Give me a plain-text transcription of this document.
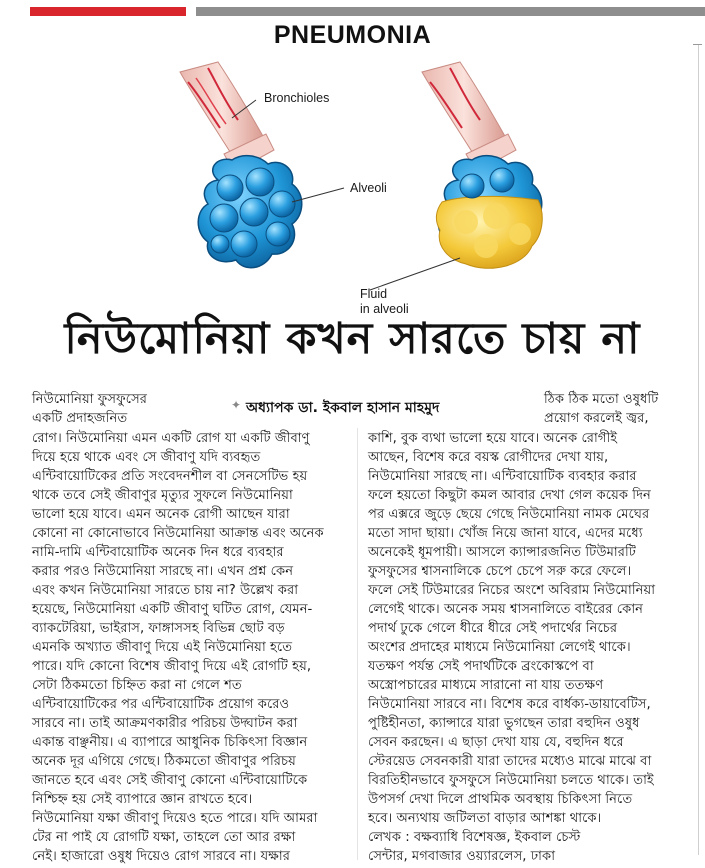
PNEUMONIA
Bronchioles
Alveoli
Fluid
in alveoli
নিউমোনিয়া কখন সারতে চায় না
নিউমোনিয়া ফুসফুসের
একটি প্রদাহজনিত
✦ অধ্যাপক ডা. ইকবাল হাসান মাহমুদ
ঠিক ঠিক মতো ওষুধটি
প্রয়োগ করলেই জ্বর,
রোগ। নিউমোনিয়া এমন একটি রোগ যা একটি জীবাণু
দিয়ে হয়ে থাকে এবং সে জীবাণু যদি ব্যবহৃত
এন্টিবায়োটিকের প্রতি সংবেদনশীল বা সেনসেটিভ হয়
থাকে তবে সেই জীবাণুর মৃত্যুর সুফলে নিউমোনিয়া
ভালো হয়ে যাবে। এমন অনেক রোগী আছেন যারা
কোনো না কোনোভাবে নিউমোনিয়া আক্রান্ত এবং অনেক
নামি-দামি এন্টিবায়োটিক অনেক দিন ধরে ব্যবহার
করার পরও নিউমোনিয়া সারছে না। এখন প্রশ্ন কেন
এবং কখন নিউমোনিয়া সারতে চায় না? উল্লেখ করা
হয়েছে, নিউমোনিয়া একটি জীবাণু ঘটিত রোগ, যেমন-
ব্যাকটেরিয়া, ভাইরাস, ফাঙ্গাসসহ বিভিন্ন ছোট বড়
এমনকি অখ্যাত জীবাণু দিয়ে এই নিউমোনিয়া হতে
পারে। যদি কোনো বিশেষ জীবাণু দিয়ে এই রোগটি হয়,
সেটা ঠিকমতো চিহ্নিত করা না গেলে শত
এন্টিবায়োটিকের পর এন্টিবায়োটিক প্রয়োগ করেও
সারবে না। তাই আক্রমণকারীর পরিচয় উদ্ঘাটন করা
একান্ত বাঞ্ছনীয়। এ ব্যাপারে আধুনিক চিকিৎসা বিজ্ঞান
অনেক দূর এগিয়ে গেছে। ঠিকমতো জীবাণুর পরিচয়
জানতে হবে এবং সেই জীবাণু কোনো এন্টিবায়োটিকে
নিশ্চিহ্ন হয় সেই ব্যাপারে জ্ঞান রাখতে হবে।
নিউমোনিয়া যক্ষা জীবাণু দিয়েও হতে পারে। যদি আমরা
টের না পাই যে রোগটি যক্ষা, তাহলে তো আর রক্ষা
নেই। হাজারো ওষুধ দিয়েও রোগ সারবে না। যক্ষার
কাশি, বুক ব্যথা ভালো হয়ে যাবে। অনেক রোগীই
আছেন, বিশেষ করে বয়স্ক রোগীদের দেখা যায়,
নিউমোনিয়া সারছে না। এন্টিবায়োটিক ব্যবহার করার
ফলে হয়তো কিছুটা কমল আবার দেখা গেল কয়েক দিন
পর এক্সরে জুড়ে ছেয়ে গেছে নিউমোনিয়া নামক মেঘের
মতো সাদা ছায়া। খোঁজ নিয়ে জানা যাবে, এদের মধ্যে
অনেকেই ধূমপায়ী। আসলে ক্যান্সারজনিত টিউমারটি
ফুসফুসের শ্বাসনালিকে চেপে চেপে সরু করে ফেলে।
ফলে সেই টিউমারের নিচের অংশে অবিরাম নিউমোনিয়া
লেগেই থাকে। অনেক সময় শ্বাসনালিতে বাইরের কোন
পদার্থ ঢুকে গেলে ধীরে ধীরে সেই পদার্থের নিচের
অংশের প্রদাহের মাধ্যমে নিউমোনিয়া লেগেই থাকে।
যতক্ষণ পর্যন্ত সেই পদার্থটিকে ব্রংকোস্কপে বা
অস্ত্রোপচারের মাধ্যমে সারানো না যায় ততক্ষণ
নিউমোনিয়া সারবে না। বিশেষ করে বার্ধক্য-ডায়াবেটিস,
পুষ্টিহীনতা, ক্যান্সারে যারা ভুগছেন তারা বহুদিন ওষুধ
সেবন করছেন। এ ছাড়া দেখা যায় যে, বহুদিন ধরে
স্টেরয়েড সেবনকারী যারা তাদের মধ্যেও মাঝে মাঝে বা
বিরতিহীনভাবে ফুসফুসে নিউমোনিয়া চলতে থাকে। তাই
উপসর্গ দেখা দিলে প্রাথমিক অবস্থায় চিকিৎসা নিতে
হবে। অন্যথায় জটিলতা বাড়ার আশঙ্কা থাকে।
লেখক : বক্ষব্যাধি বিশেষজ্ঞ, ইকবাল চেস্ট
সেন্টার, মগবাজার ওয়্যারলেস, ঢাকা
